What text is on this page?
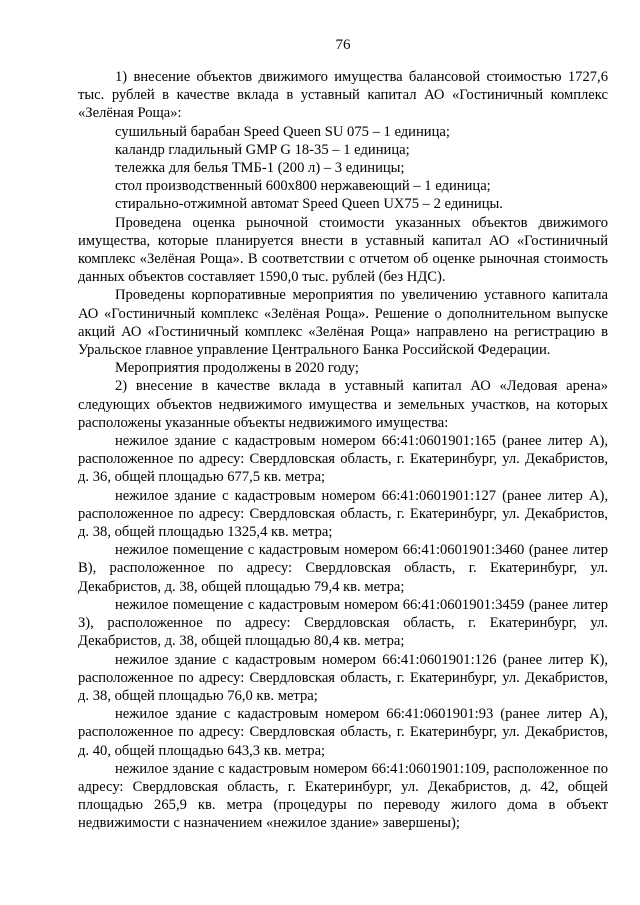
76

1) внесение объектов движимого имущества балансовой стоимостью 1727,6 тыс. рублей в качестве вклада в уставный капитал АО «Гостиничный комплекс «Зелёная Роща»:

сушильный барабан Speed Queen SU 075 – 1 единица;

каландр гладильный GMP G 18-35 – 1 единица;

тележка для белья ТМБ-1 (200 л) – 3 единицы;

стол производственный 600х800 нержавеющий – 1 единица;

стирально-отжимной автомат Speed Queen UX75 – 2 единицы.

Проведена оценка рыночной стоимости указанных объектов движимого имущества, которые планируется внести в уставный капитал АО «Гостиничный комплекс «Зелёная Роща». В соответствии с отчетом об оценке рыночная стоимость данных объектов составляет 1590,0 тыс. рублей (без НДС).

Проведены корпоративные мероприятия по увеличению уставного капитала АО «Гостиничный комплекс «Зелёная Роща». Решение о дополнительном выпуске акций АО «Гостиничный комплекс «Зелёная Роща» направлено на регистрацию в Уральское главное управление Центрального Банка Российской Федерации.

Мероприятия продолжены в 2020 году;

2) внесение в качестве вклада в уставный капитал АО «Ледовая арена» следующих объектов недвижимого имущества и земельных участков, на которых расположены указанные объекты недвижимого имущества:

нежилое здание с кадастровым номером 66:41:0601901:165 (ранее литер А), расположенное по адресу: Свердловская область, г. Екатеринбург, ул. Декабристов, д. 36, общей площадью 677,5 кв. метра;

нежилое здание с кадастровым номером 66:41:0601901:127 (ранее литер А), расположенное по адресу: Свердловская область, г. Екатеринбург, ул. Декабристов, д. 38, общей площадью 1325,4 кв. метра;

нежилое помещение с кадастровым номером 66:41:0601901:3460 (ранее литер В), расположенное по адресу: Свердловская область, г. Екатеринбург, ул. Декабристов, д. 38, общей площадью 79,4 кв. метра;

нежилое помещение с кадастровым номером 66:41:0601901:3459 (ранее литер З), расположенное по адресу: Свердловская область, г. Екатеринбург, ул. Декабристов, д. 38, общей площадью 80,4 кв. метра;

нежилое здание с кадастровым номером 66:41:0601901:126 (ранее литер К), расположенное по адресу: Свердловская область, г. Екатеринбург, ул. Декабристов, д. 38, общей площадью 76,0 кв. метра;

нежилое здание с кадастровым номером 66:41:0601901:93 (ранее литер А), расположенное по адресу: Свердловская область, г. Екатеринбург, ул. Декабристов, д. 40, общей площадью 643,3 кв. метра;

нежилое здание с кадастровым номером 66:41:0601901:109, расположенное по адресу: Свердловская область, г. Екатеринбург, ул. Декабристов, д. 42, общей площадью 265,9 кв. метра (процедуры по переводу жилого дома в объект недвижимости с назначением «нежилое здание» завершены);
